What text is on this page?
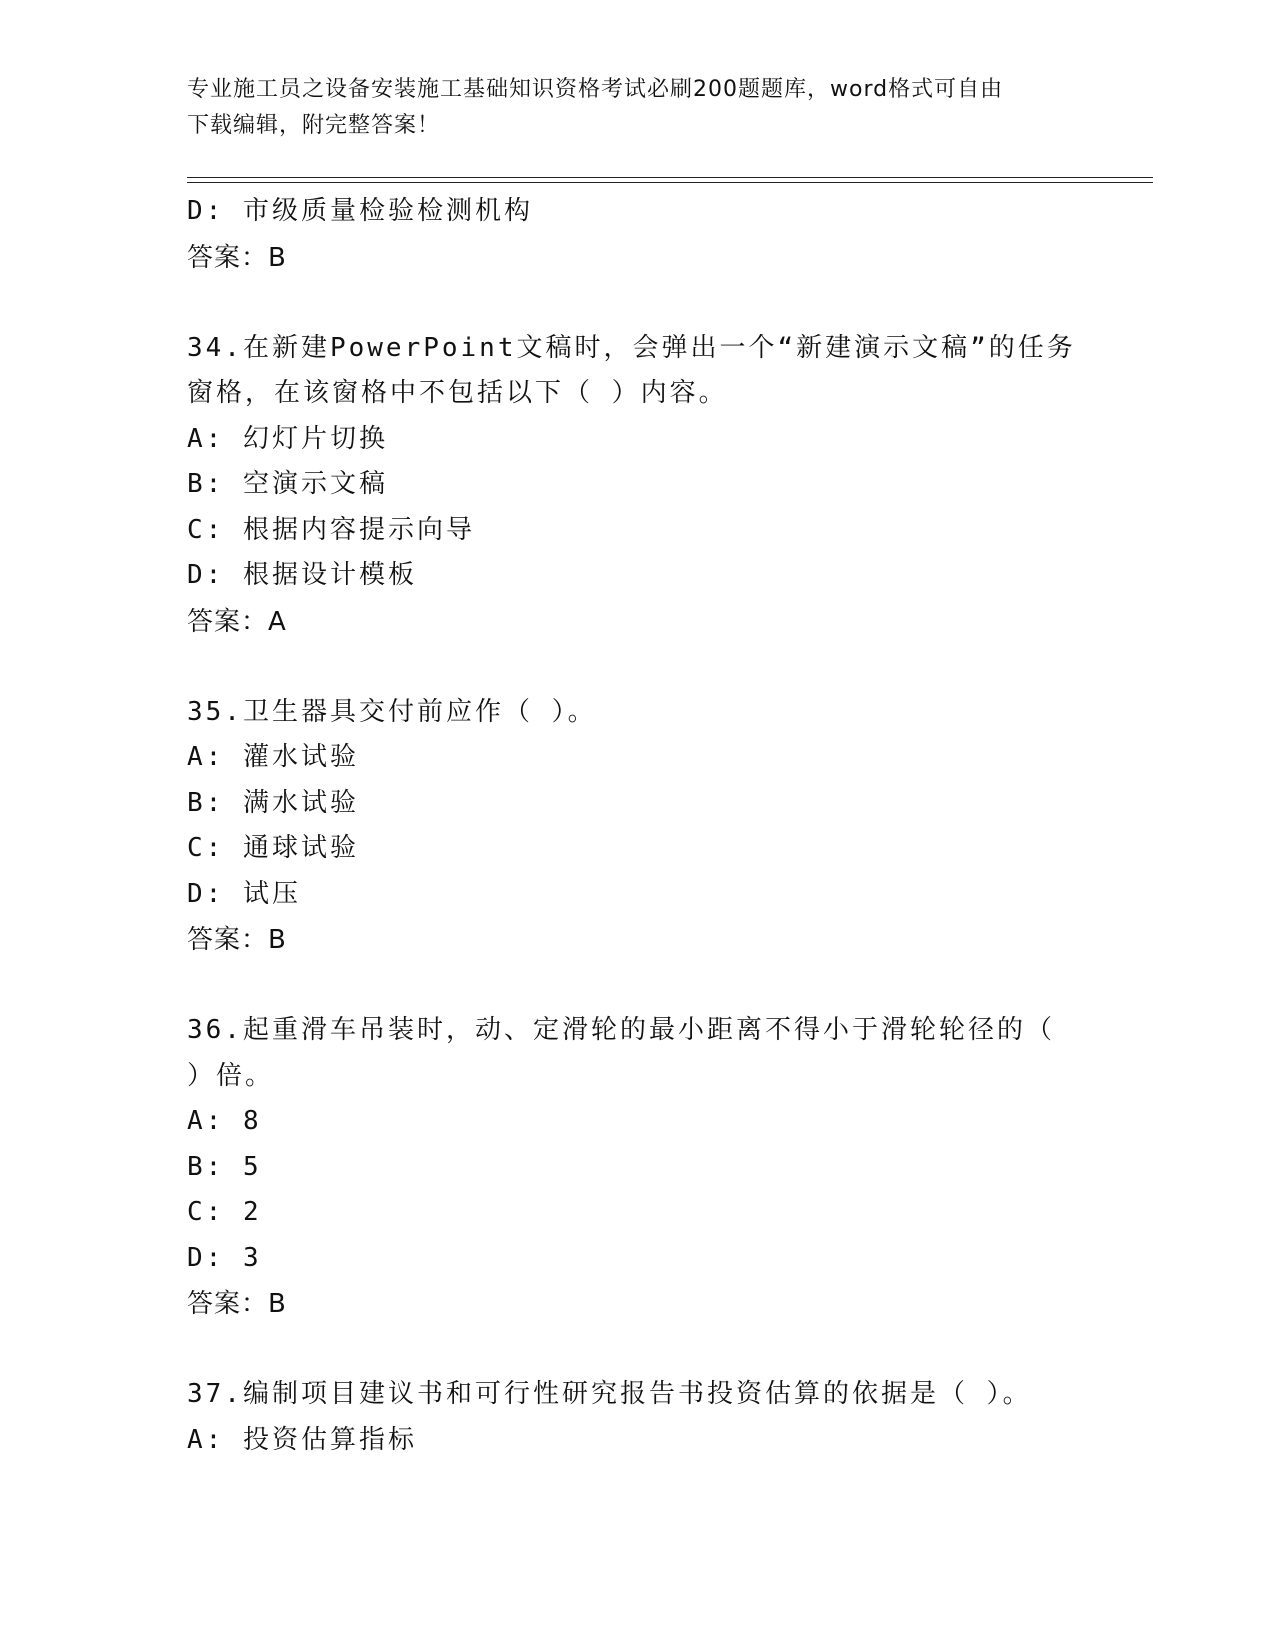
专业施工员之设备安装施工基础知识资格考试必刷200题题库，word格式可自由
下载编辑，附完整答案！
D: 市级质量检验检测机构
答案：B
34.在新建PowerPoint文稿时，会弹出一个“新建演示文稿”的任务
窗格，在该窗格中不包括以下（ ）内容。
A: 幻灯片切换
B: 空演示文稿
C: 根据内容提示向导
D: 根据设计模板
答案：A
35.卫生器具交付前应作（ ）。
A: 灌水试验
B: 满水试验
C: 通球试验
D: 试压
答案：B
36.起重滑车吊装时，动、定滑轮的最小距离不得小于滑轮轮径的（
）倍。
A: 8
B: 5
C: 2
D: 3
答案：B
37.编制项目建议书和可行性研究报告书投资估算的依据是（ ）。
A: 投资估算指标
